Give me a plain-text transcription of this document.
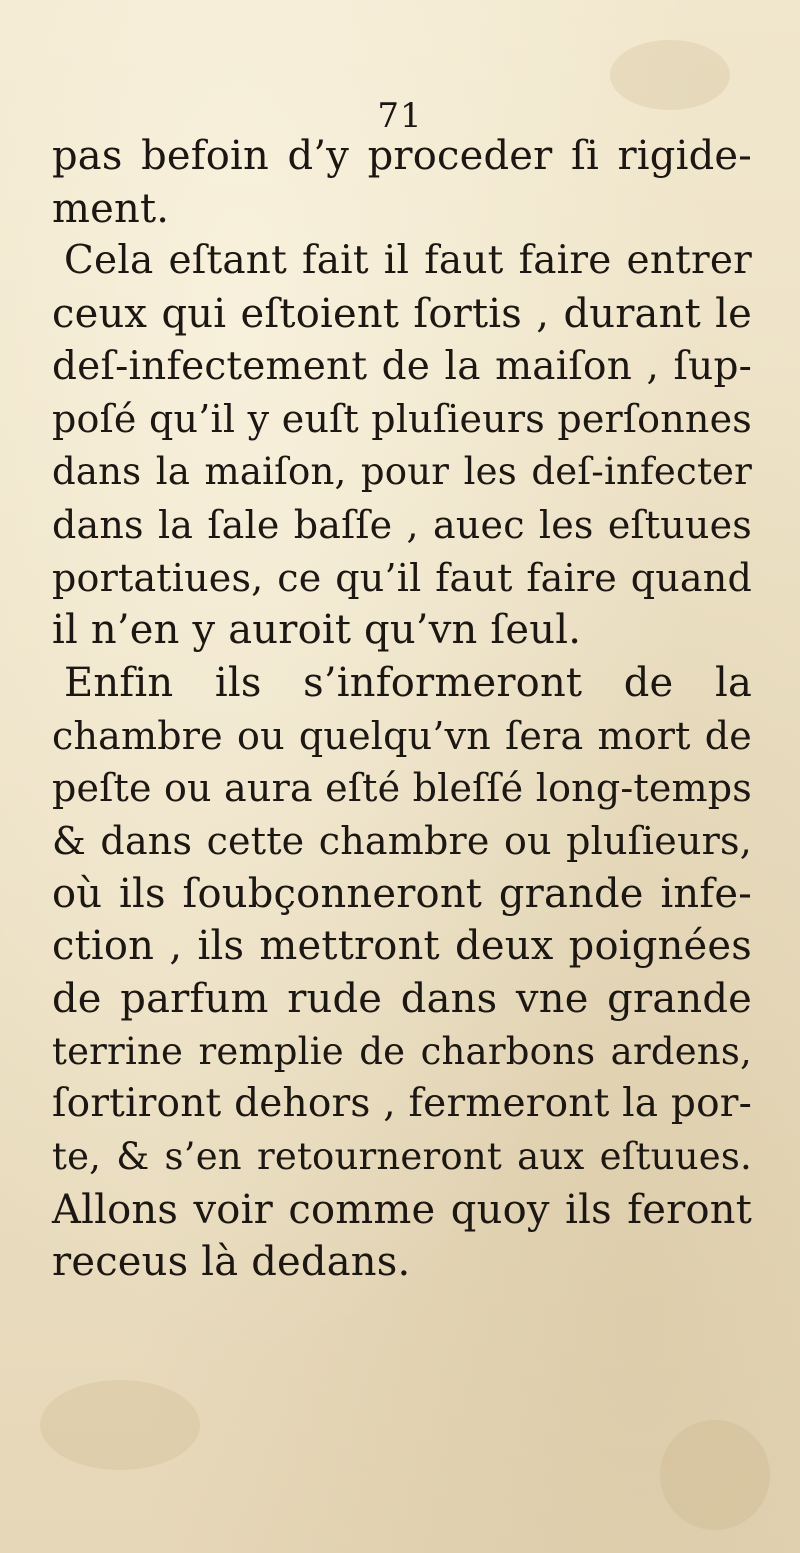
71
pas befoin d’y proceder ſi rigide-
ment.
Cela eſtant fait il faut faire entrer
ceux qui eſtoient ſortis , durant le
deſ-infectement de la maiſon , ſup-
poſé qu’il y euſt pluſieurs perſonnes
dans la maiſon, pour les deſ-infecter
dans la ſale baſſe , auec les eſtuues
portatiues, ce qu’il faut faire quand
il n’en y auroit qu’vn ſeul.
Enfin ils s’informeront de la
chambre ou quelqu’vn ſera mort de
peſte ou aura eſté bleſſé long-temps
& dans cette chambre ou pluſieurs,
où ils ſoubçonneront grande infe-
ction , ils mettront deux poignées
de parfum rude dans vne grande
terrine remplie de charbons ardens,
ſortiront dehors , fermeront la por-
te, & s’en retourneront aux eſtuues.
Allons voir comme quoy ils feront
receus là dedans.
